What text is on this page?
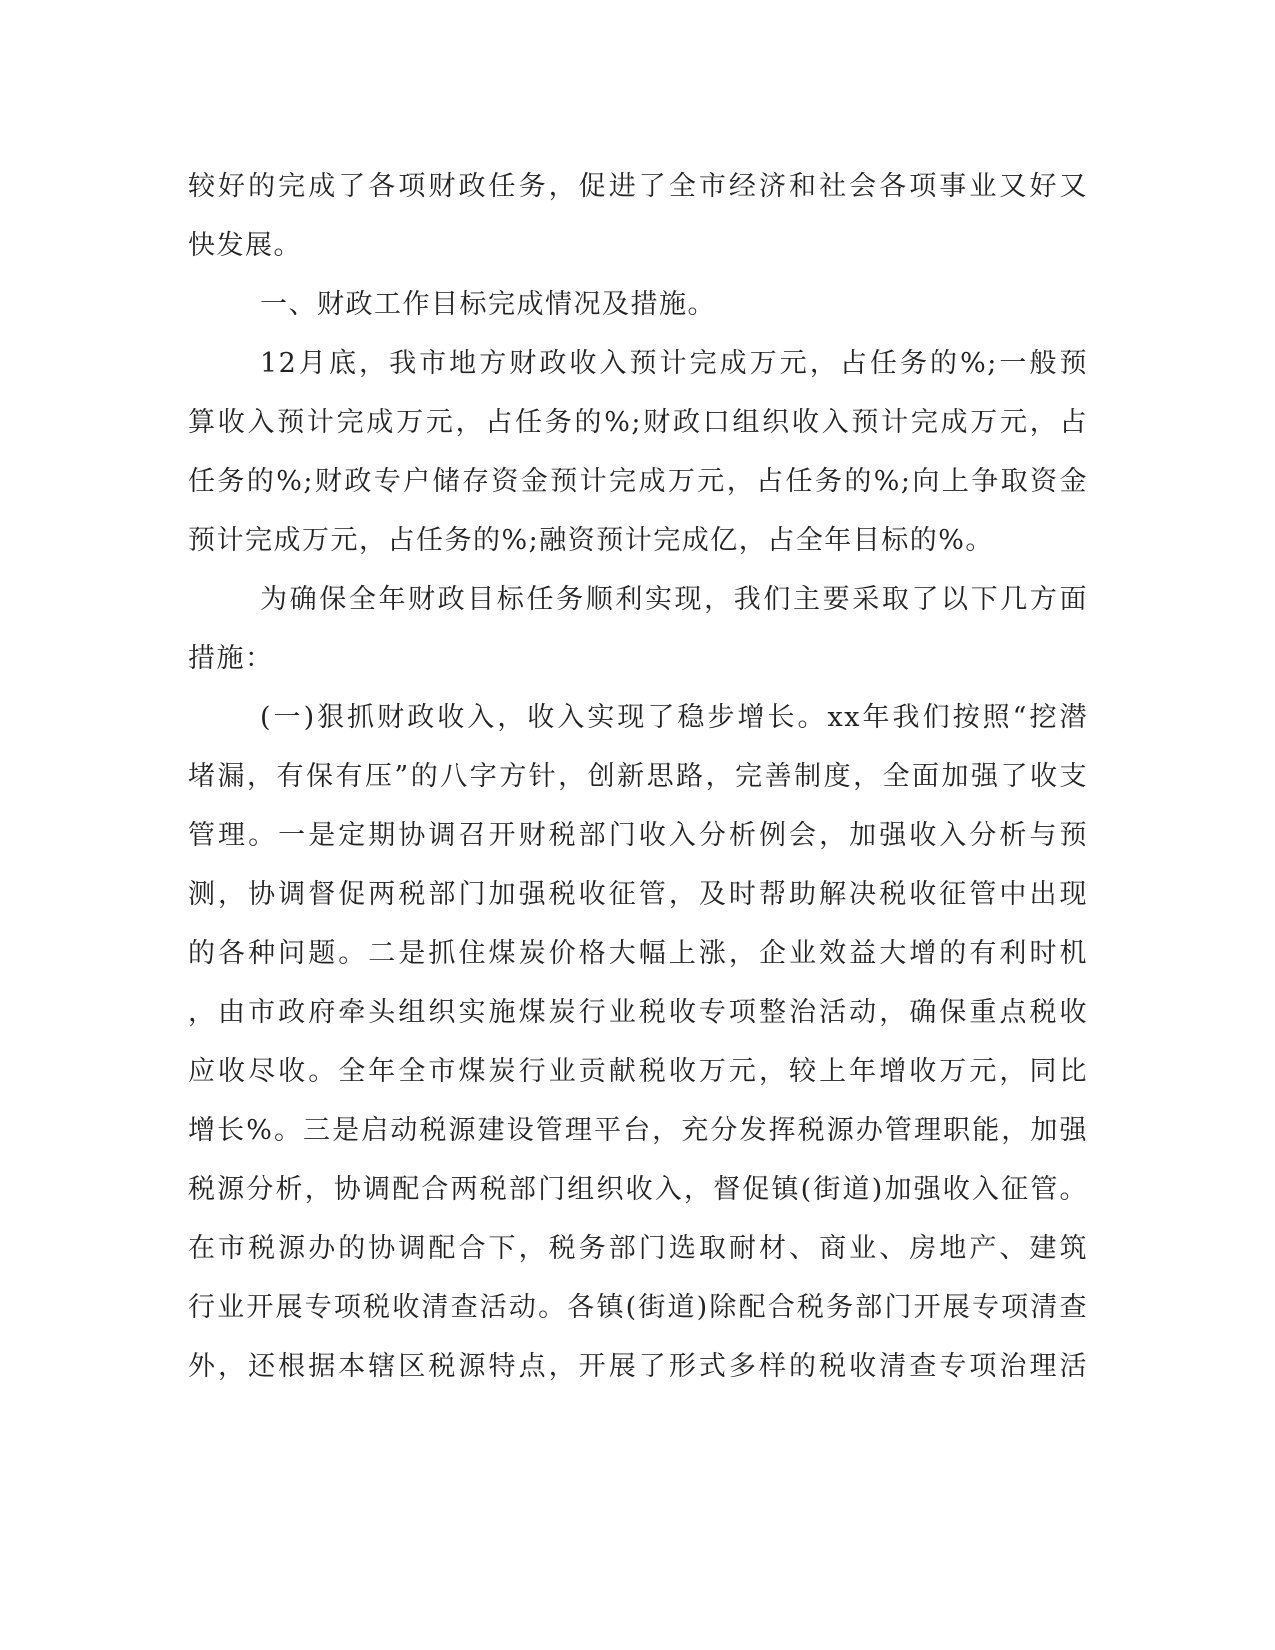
较好的完成了各项财政任务，促进了全市经济和社会各项事业又好又
快发展。
一、财政工作目标完成情况及措施。
12月底，我市地方财政收入预计完成万元，占任务的%;一般预
算收入预计完成万元，占任务的%;财政口组织收入预计完成万元，占
任务的%;财政专户储存资金预计完成万元，占任务的%;向上争取资金
预计完成万元，占任务的%;融资预计完成亿，占全年目标的%。
为确保全年财政目标任务顺利实现，我们主要采取了以下几方面
措施：
(一)狠抓财政收入，收入实现了稳步增长。xx年我们按照“挖潜
堵漏，有保有压”的八字方针，创新思路，完善制度，全面加强了收支
管理。一是定期协调召开财税部门收入分析例会，加强收入分析与预
测，协调督促两税部门加强税收征管，及时帮助解决税收征管中出现
的各种问题。二是抓住煤炭价格大幅上涨，企业效益大增的有利时机
，由市政府牵头组织实施煤炭行业税收专项整治活动，确保重点税收
应收尽收。全年全市煤炭行业贡献税收万元，较上年增收万元，同比
增长%。三是启动税源建设管理平台，充分发挥税源办管理职能，加强
税源分析，协调配合两税部门组织收入，督促镇(街道)加强收入征管。
在市税源办的协调配合下，税务部门选取耐材、商业、房地产、建筑
行业开展专项税收清查活动。各镇(街道)除配合税务部门开展专项清查
外，还根据本辖区税源特点，开展了形式多样的税收清查专项治理活
